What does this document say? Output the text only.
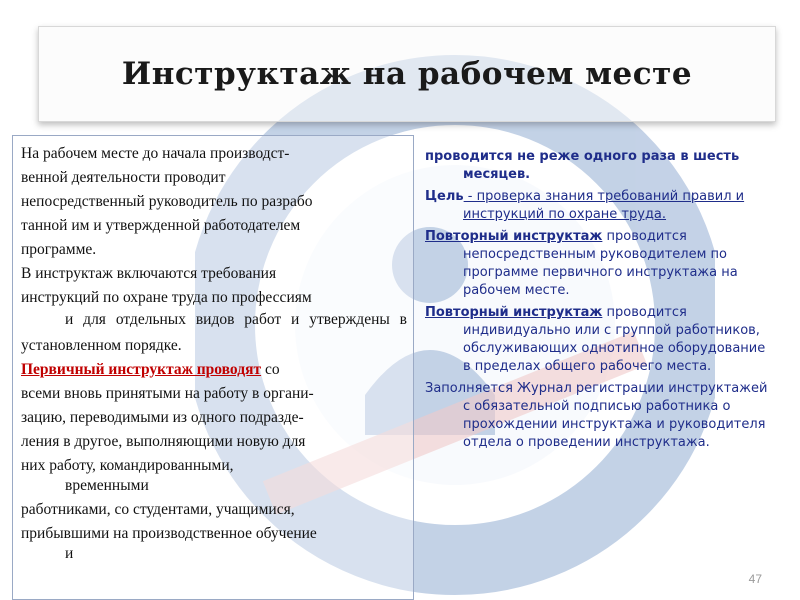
Инструктаж на рабочем месте
На рабочем месте до начала производст-
венной деятельности проводит
непосредственный руководитель по разрабо
танной им и утвержденной работодателем
программе.
В инструктаж включаются требования
инструкций по охране труда по профессиям
и для отдельных видов работ и утверждены в
установленном порядке.
Первичный инструктаж проводят со
всеми вновь принятыми на работу в органи-
зацию, переводимыми из одного подразде-
ления в другое, выполняющими новую для
них работу, командированными,
временными
работниками, со студентами, учащимися,
прибывшими на производственное обучение
и

проводится не реже одного раза в шесть месяцев.

Цель - проверка знания требований правил и инструкций по охране труда.

Повторный инструктаж проводится непосредственным руководителем по программе первичного инструктажа на рабочем месте.

Повторный инструктаж проводится индивидуально или с группой работников, обслуживающих однотипное оборудование в пределах общего рабочего места.

Заполняется Журнал регистрации инструктажей с обязательной подписью работника о прохождении инструктажа и руководителя отдела о проведении инструктажа.

47
